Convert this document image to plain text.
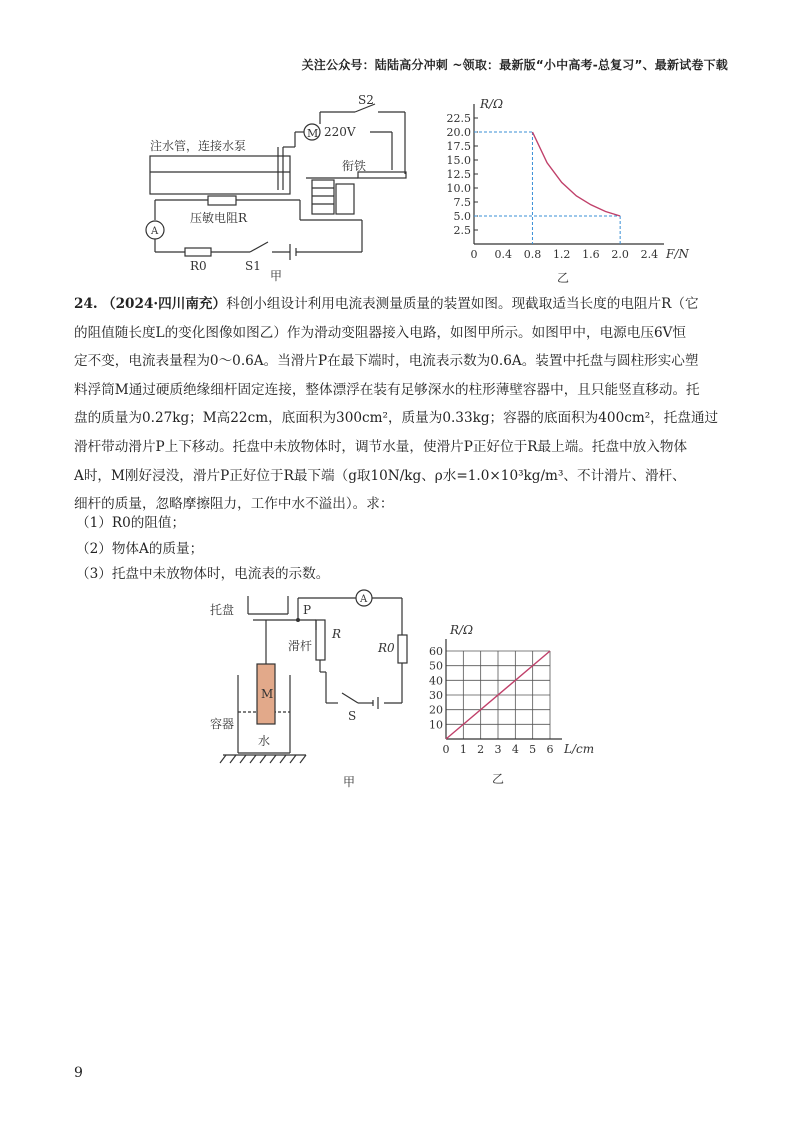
关注公众号：陆陆高分冲刺 ~领取：最新版“小中高考-总复习”、最新试卷下载
S2
M 220V
注水管，连接水泵
衔铁
压敏电阻R
A
R0	S1
甲
0 0.4 0.8 1.2 1.6 2.0 2.4
2.5
5.0
7.5
10.0
12.5
15.0
17.5
20.0
22.5
R/Ω
F/N
乙
24. （2024·四川南充）科创小组设计利用电流表测量质量的装置如图。现截取适当长度的电阻片R（它
的阻值随长度L的变化图像如图乙）作为滑动变阻器接入电路，如图甲所示。如图甲中，电源电压6V恒
定不变，电流表量程为0～0.6A。当滑片P在最下端时，电流表示数为0.6A。装置中托盘与圆柱形实心塑
料浮筒M通过硬质绝缘细杆固定连接，整体漂浮在装有足够深水的柱形薄壁容器中，且只能竖直移动。托
盘的质量为0.27kg；M高22cm，底面积为300cm²，质量为0.33kg；容器的底面积为400cm²，托盘通过
滑杆带动滑片P上下移动。托盘中未放物体时，调节水量，使滑片P正好位于R最上端。托盘中放入物体
A时，M刚好浸没，滑片P正好位于R最下端（g取10N/kg、ρ水=1.0×10³kg/m³、不计滑片、滑杆、
细杆的质量，忽略摩擦阻力，工作中水不溢出）。求：
（1）R0的阻值；
（2）物体A的质量；
（3）托盘中未放物体时，电流表的示数。
托盘	P
滑杆
R
A
R0
M
S
容器
水
甲
0 1 2 3 4 5 6
10
20
30
40
50
60
R/Ω
L/cm
乙
9
